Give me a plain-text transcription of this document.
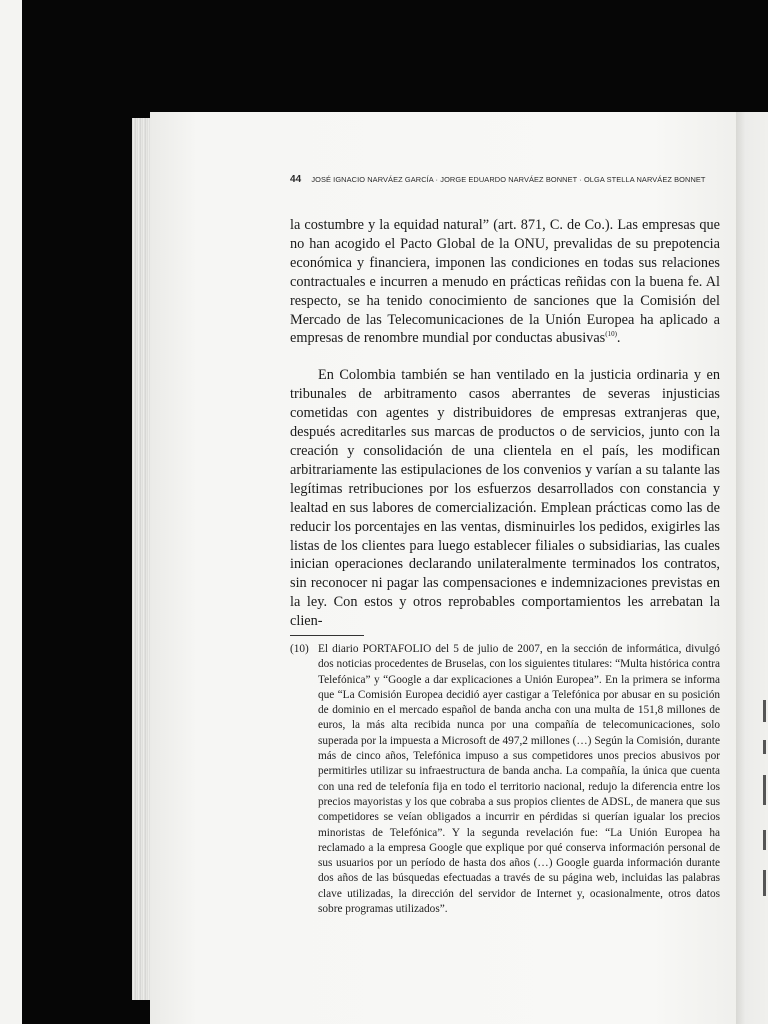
44 JOSÉ IGNACIO NARVÁEZ GARCÍA · JORGE EDUARDO NARVÁEZ BONNET · OLGA STELLA NARVÁEZ BONNET

la costumbre y la equidad natural” (art. 871, C. de Co.). Las empresas que no han acogido el Pacto Global de la ONU, prevalidas de su prepotencia económica y financiera, imponen las condiciones en todas sus relaciones contractuales e incurren a menudo en prácticas reñidas con la buena fe. Al respecto, se ha tenido conocimiento de sanciones que la Comisión del Mercado de las Telecomunicaciones de la Unión Europea ha aplicado a empresas de renombre mundial por conductas abusivas$^{(10)}$.

En Colombia también se han ventilado en la justicia ordinaria y en tribunales de arbitramento casos aberrantes de severas injusticias cometidas con agentes y distribuidores de empresas extranjeras que, después acreditarles sus marcas de productos o de servicios, junto con la creación y consolidación de una clientela en el país, les modifican arbitrariamente las estipulaciones de los convenios y varían a su talante las legítimas retribuciones por los esfuerzos desarrollados con constancia y lealtad en sus labores de comercialización. Emplean prácticas como las de reducir los porcentajes en las ventas, disminuirles los pedidos, exigirles las listas de los clientes para luego establecer filiales o subsidiarias, las cuales inician operaciones declarando unilateralmente terminados los contratos, sin reconocer ni pagar las compensaciones e indemnizaciones previstas en la ley. Con estos y otros reprobables comportamientos les arrebatan la clien-

(10) El diario PORTAFOLIO del 5 de julio de 2007, en la sección de informática, divulgó dos noticias procedentes de Bruselas, con los siguientes titulares: “Multa histórica contra Telefónica” y “Google a dar explicaciones a Unión Europea”. En la primera se informa que “La Comisión Europea decidió ayer castigar a Telefónica por abusar en su posición de dominio en el mercado español de banda ancha con una multa de 151,8 millones de euros, la más alta recibida nunca por una compañía de telecomunicaciones, solo superada por la impuesta a Microsoft de 497,2 millones (…) Según la Comisión, durante más de cinco años, Telefónica impuso a sus competidores unos precios abusivos por permitirles utilizar su infraestructura de banda ancha. La compañía, la única que cuenta con una red de telefonía fija en todo el territorio nacional, redujo la diferencia entre los precios mayoristas y los que cobraba a sus propios clientes de ADSL, de manera que sus competidores se veían obligados a incurrir en pérdidas si querían igualar los precios minoristas de Telefónica”. Y la segunda revelación fue: “La Unión Europea ha reclamado a la empresa Google que explique por qué conserva información personal de sus usuarios por un período de hasta dos años (…) Google guarda información durante dos años de las búsquedas efectuadas a través de su página web, incluidas las palabras clave utilizadas, la dirección del servidor de Internet y, ocasionalmente, otros datos sobre programas utilizados”.
